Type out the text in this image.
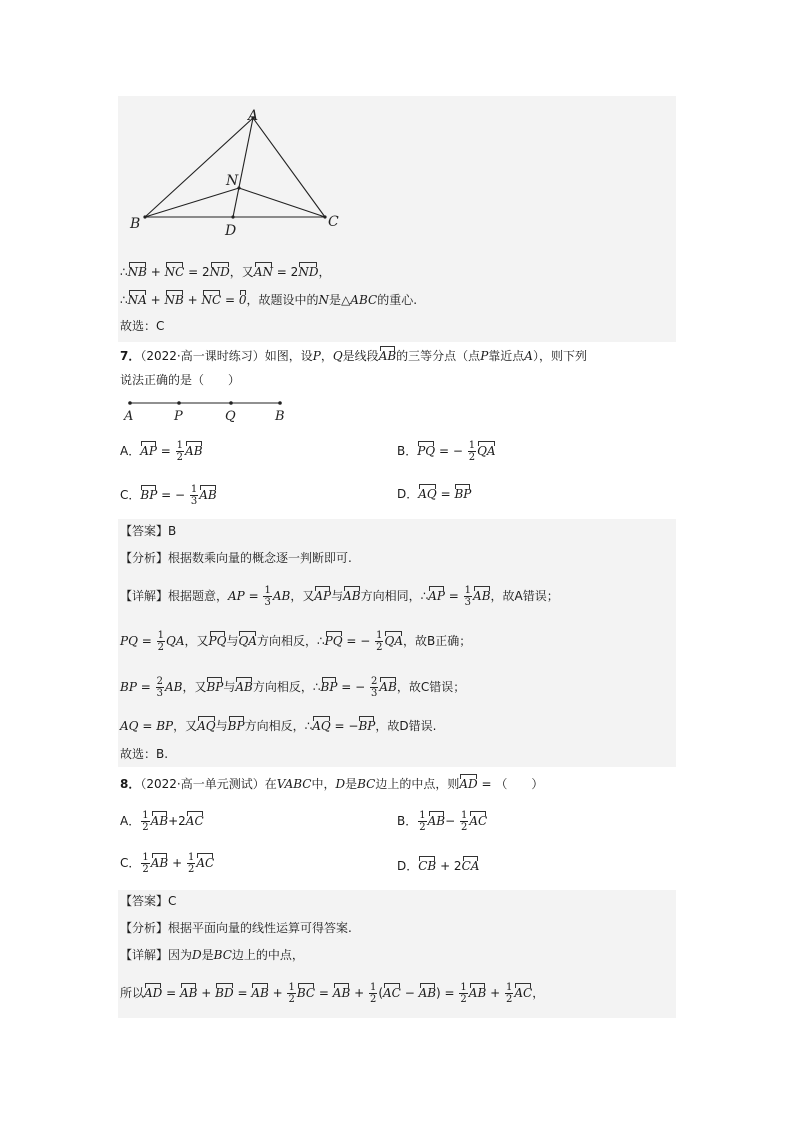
A
N
B	D
C
∴NB + NC = 2ND，又AN = 2ND，
∴NA + NB + NC = 0，故题设中的N是△ABC的重心.
故选：C
7．（2022·高一课时练习）如图，设P，Q是线段AB的三等分点（点P靠近点A），则下列
说法正确的是（　　）
A	P	Q	B
A．AP = $\frac{1}{2}$ AB	B．PQ = − $\frac{1}{2}$ QA
C．BP = − $\frac{1}{3}$ AB	D．AQ = BP
【答案】B
【分析】根据数乘向量的概念逐一判断即可.
【详解】根据题意，AP = $\frac{1}{3}$ AB，又AP与AB方向相同，∴AP = $\frac{1}{3}$ AB，故A错误；
PQ = $\frac{1}{2}$ QA，又PQ与QA方向相反，∴PQ = − $\frac{1}{2}$ QA，故B正确；
BP = $\frac{2}{3}$ AB，又BP与AB方向相反，∴BP = − $\frac{2}{3}$ AB，故C错误；
AQ = BP，又AQ与BP方向相反，∴AQ = −BP，故D错误.
故选：B.
8．（2022·高一单元测试）在VABC中，D是BC边上的中点，则AD = （　　）
A． $\frac{1}{2} AB+2AC$	B． $\frac{1}{2} AB- \frac{1}{2}$ AC
C． $\frac{1}{2}$ AB + $\frac{1}{2}$ AC	D．CB + 2CA
【答案】C
【分析】根据平面向量的线性运算可得答案.
【详解】因为D是BC边上的中点，
所以AD = AB + BD = AB + $\frac{1}{2}$ BC = AB + $\frac{1}{2} (AC - AB) = \frac{1}{2}$ AB + $\frac{1}{2}$ AC，
